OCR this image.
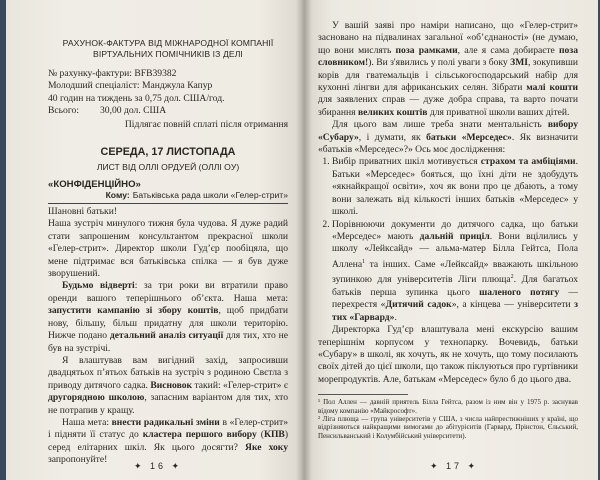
РАХУНОК-ФАКТУРА ВІД МІЖНАРОДНОЇ КОМПАНІЇ
ВІРТУАЛЬНИХ ПОМІЧНИКІВ ІЗ ДЕЛІ
№ рахунку-фактури: BFB39382
Молодший спеціаліст: Манджула Капур
40 годин на тиждень за 0,75 дол. США/год.
Всього:	30,00 дол. США
Підлягає повній сплаті після отримання
СЕРЕДА, 17 ЛИСТОПАДА
ЛИСТ ВІД ОЛЛІ ОРДУЕЙ (ОЛЛІ OУ)
«КОНФІДЕНЦІЙНО»
Кому: Батьківська рада школи «Гелер-стрит»

Шановні батьки!

Наша зустріч минулого тижня була чудова. Я дуже радий стати запрошеним консультантом прекрасної школи «Гелер-стрит». Директор школи Гудʼєр пообіцяла, що мене підтримає вся батьківська спілка — я був дуже зворушений.

Будьмо відверті: за три роки ви втратили право оренди вашого теперішнього обʼєкта. Наша мета: запустити кампанію зі збору коштів, щоб придбати нову, більшу, більш придатну для школи територію. Нижче подано детальний аналіз ситуації для тих, хто не був на зустрічі.

Я влаштував вам вигідний захід, запросивши двадцятьох пʼятьох батьків на зустріч з родиною Свєтла з приводу дитячого садка. Висновок такий: «Гелер-стрит» є другорядною школою, запасним варіантом для тих, хто не потрапив у кращу.

Наша мета: внести радикальні зміни в «Гелер-стрит» і підняти її статус до кластера першого вибору (КПВ) серед елітарних шкіл. Як цього досягти? Яке хоку запропонуйте!

✦ 16 ✦

У вашій заяві про наміри написано, що «Гелер-стрит» засновано на підвалинах загальної «обʼєднаності» (не думаю, що вони мислять поза рамками, але я сама добираєте поза словником!). Ви з'явились у полі уваги з боку ЗМІ, зокупивши корів для гватемальців і сільськогосподарський набір для кухонні лінгви для африканських селян. Зібрати малі кошти для заявлених справ — дуже добра справа, та варто почати збирання великих коштів для приватної школи ваших дітей.

Для цього вам лише треба знати ментальність вибору «Субару», і думати, як батьки «Мерседес». Як визначити «батьків «Мерседес»?» Ось моє дослідження:

1. Вибір приватних шкіл мотивується страхом та амбіціями. Батьки «Мерседес» бояться, що їхні діти не здобудуть «якнайкращої освіти», хоч як вони про це дбають, а тому вони залежать від кількості інших батьків «Мерседес» у школі.
2. Порівнюючи документи до дитячого садка, що батьки «Мерседес» мають дальній приціл. Вони вцілились у школу «Лейксайд» — альма-матер Білла Гейтса, Пола Аллена$^1$ та інших. Саме «Лейксайд» вважають шкільною зупинкою для університетів Ліги плюща$^2$. Для багатьох батьків перша зупинка цього шаленого потягу — перехрестя «Дитячий садок», а кінцева — університети з тих «Гарвард».

Директорка Гудʼєр влаштувала мені екскурсію вашим теперішнім корпусом у технопарку. Вочевидь, батьки «Субару» в школі, як хочуть, як не хочуть, що тому посилають своїх дітей до цієї школи, що також піклуються про гуртівники морепродуктів. Але, батькам «Мерседес» було б до цього два.

¹ Пол Аллен — давній приятель Білла Гейтса, разом із ним він у 1975 р. заснував відому компанію «Майкрософт».
² Ліга плюща — група університетів у США, з числа найпрестижніших у країні, що відрізняються найкращими вимогами до абітурієнтів (Гарвард, Прінстон, Єльський, Пенсильванський і Колумбійський університети).
✦ 17 ✦
